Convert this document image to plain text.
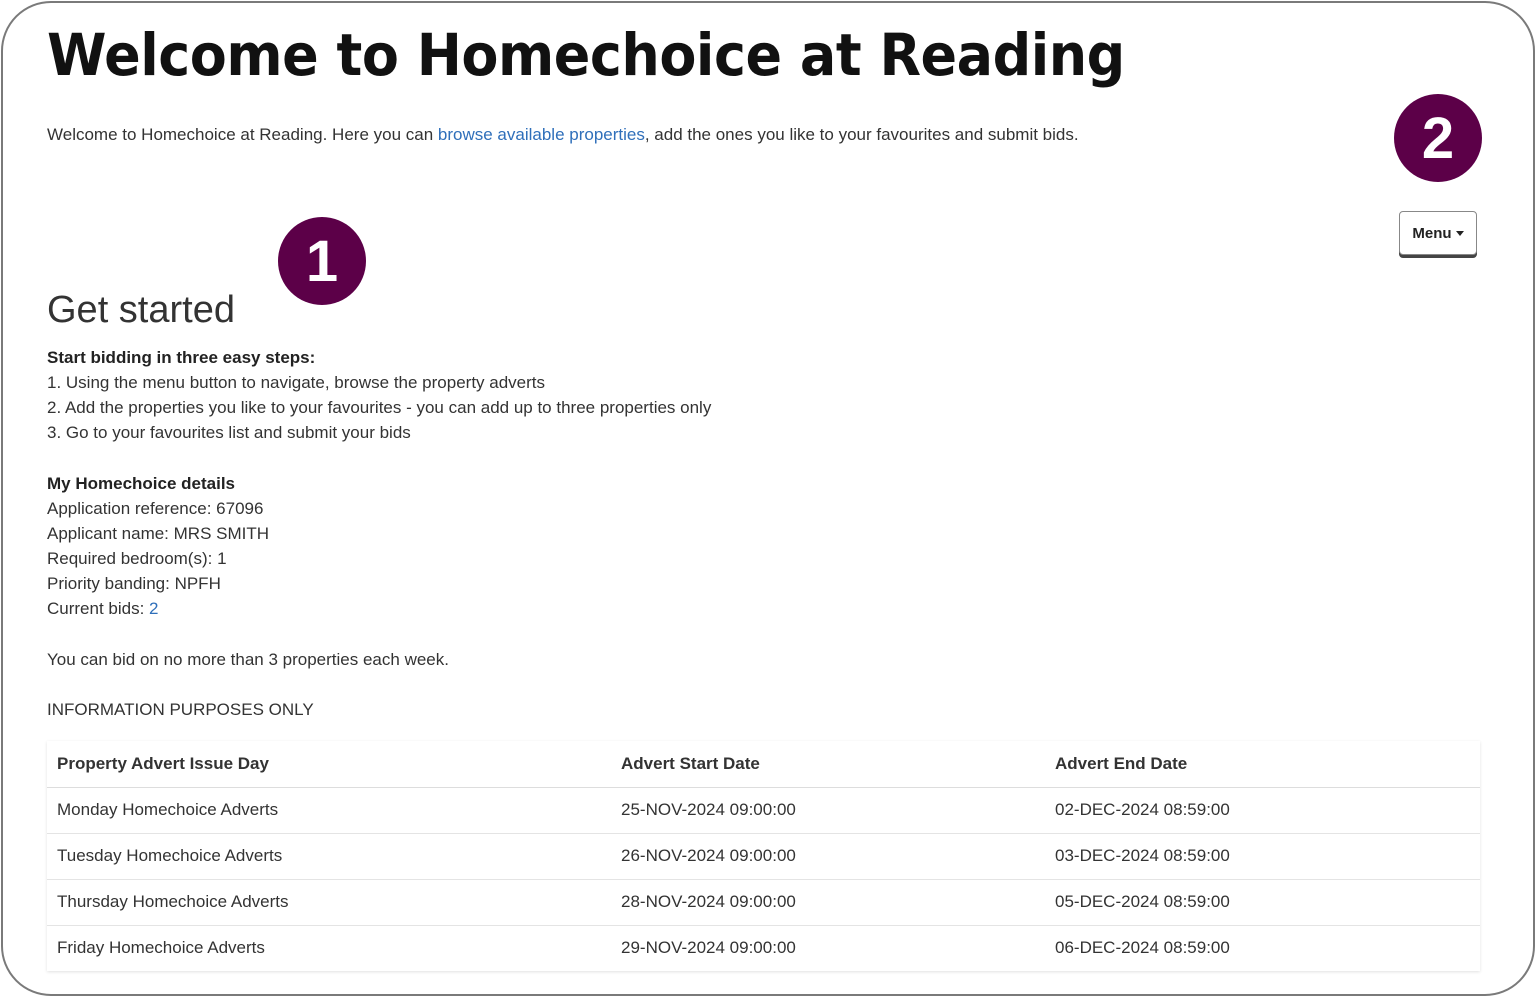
Welcome to Homechoice at Reading

Welcome to Homechoice at Reading. Here you can browse available properties, add the ones you like to your favourites and submit bids.	2
Menu
1
Get started
Start bidding in three easy steps:
1. Using the menu button to navigate, browse the property adverts
2. Add the properties you like to your favourites - you can add up to three properties only
3. Go to your favourites list and submit your bids
My Homechoice details
Application reference: 67096
Applicant name: MRS SMITH
Required bedroom(s): 1
Priority banding: NPFH
Current bids: 2
You can bid on no more than 3 properties each week.
INFORMATION PURPOSES ONLY
Property Advert Issue Day	Advert Start Date	Advert End Date
Monday Homechoice Adverts	25-NOV-2024 09:00:00	02-DEC-2024 08:59:00
Tuesday Homechoice Adverts	26-NOV-2024 09:00:00	03-DEC-2024 08:59:00
Thursday Homechoice Adverts	28-NOV-2024 09:00:00	05-DEC-2024 08:59:00
Friday Homechoice Adverts	29-NOV-2024 09:00:00	06-DEC-2024 08:59:00
